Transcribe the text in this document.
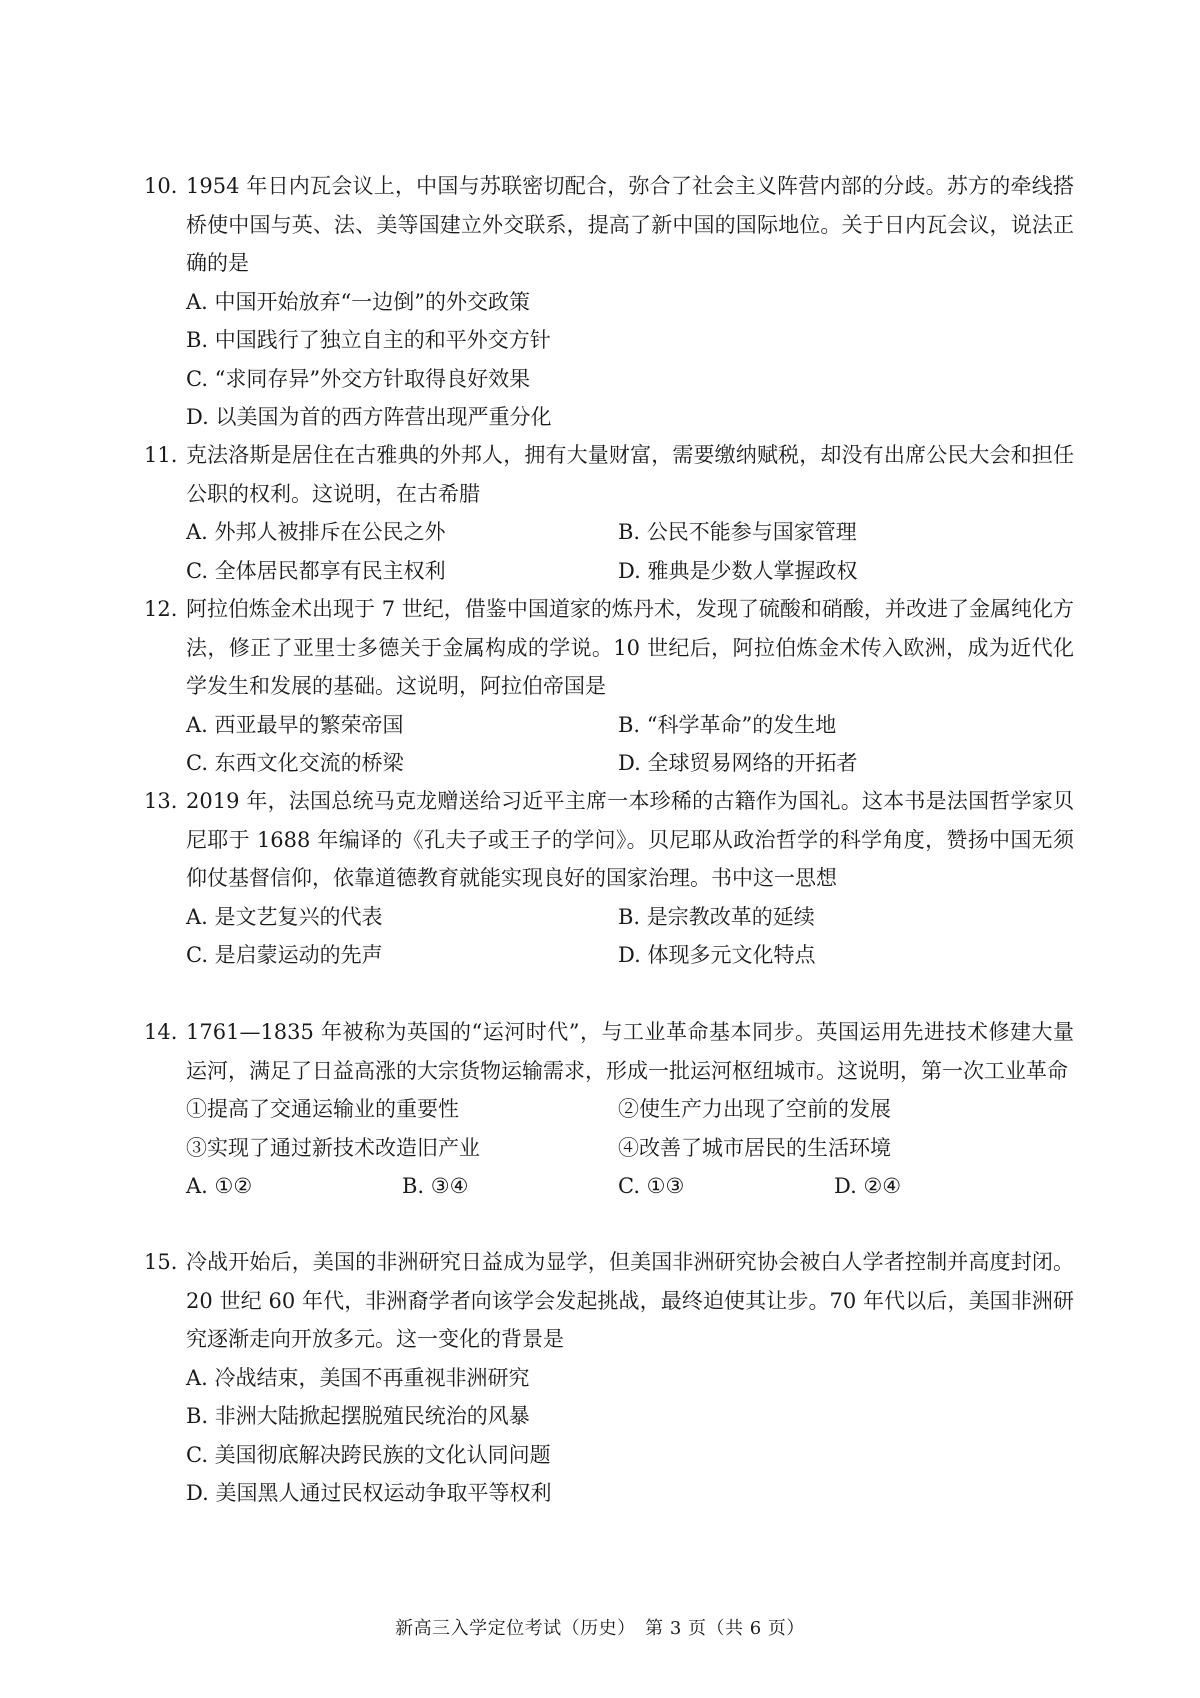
10. 1954 年日内瓦会议上，中国与苏联密切配合，弥合了社会主义阵营内部的分歧。苏方的牵线搭桥使中国与英、法、美等国建立外交联系，提高了新中国的国际地位。关于日内瓦会议，说法正确的是
A. 中国开始放弃“一边倒”的外交政策
B. 中国践行了独立自主的和平外交方针
C. “求同存异”外交方针取得良好效果
D. 以美国为首的西方阵营出现严重分化
11. 克法洛斯是居住在古雅典的外邦人，拥有大量财富，需要缴纳赋税，却没有出席公民大会和担任公职的权利。这说明，在古希腊
A. 外邦人被排斥在公民之外	B. 公民不能参与国家管理
C. 全体居民都享有民主权利	D. 雅典是少数人掌握政权
12. 阿拉伯炼金术出现于 7 世纪，借鉴中国道家的炼丹术，发现了硫酸和硝酸，并改进了金属纯化方法，修正了亚里士多德关于金属构成的学说。10 世纪后，阿拉伯炼金术传入欧洲，成为近代化学发生和发展的基础。这说明，阿拉伯帝国是
A. 西亚最早的繁荣帝国	B. “科学革命”的发生地
C. 东西文化交流的桥梁	D. 全球贸易网络的开拓者
13. 2019 年，法国总统马克龙赠送给习近平主席一本珍稀的古籍作为国礼。这本书是法国哲学家贝尼耶于 1688 年编译的《孔夫子或王子的学问》。贝尼耶从政治哲学的科学角度，赞扬中国无须仰仗基督信仰，依靠道德教育就能实现良好的国家治理。书中这一思想
A. 是文艺复兴的代表	B. 是宗教改革的延续
C. 是启蒙运动的先声	D. 体现多元文化特点
14. 1761—1835 年被称为英国的“运河时代”，与工业革命基本同步。英国运用先进技术修建大量运河，满足了日益高涨的大宗货物运输需求，形成一批运河枢纽城市。这说明，第一次工业革命
①提高了交通运输业的重要性	②使生产力出现了空前的发展
③实现了通过新技术改造旧产业	④改善了城市居民的生活环境
A. ①②	B. ③④	C. ①③	D. ②④
15. 冷战开始后，美国的非洲研究日益成为显学，但美国非洲研究协会被白人学者控制并高度封闭。20 世纪 60 年代，非洲裔学者向该学会发起挑战，最终迫使其让步。70 年代以后，美国非洲研究逐渐走向开放多元。这一变化的背景是
A. 冷战结束，美国不再重视非洲研究
B. 非洲大陆掀起摆脱殖民统治的风暴
C. 美国彻底解决跨民族的文化认同问题
D. 美国黑人通过民权运动争取平等权利
新高三入学定位考试（历史）　第 3 页（共 6 页）
